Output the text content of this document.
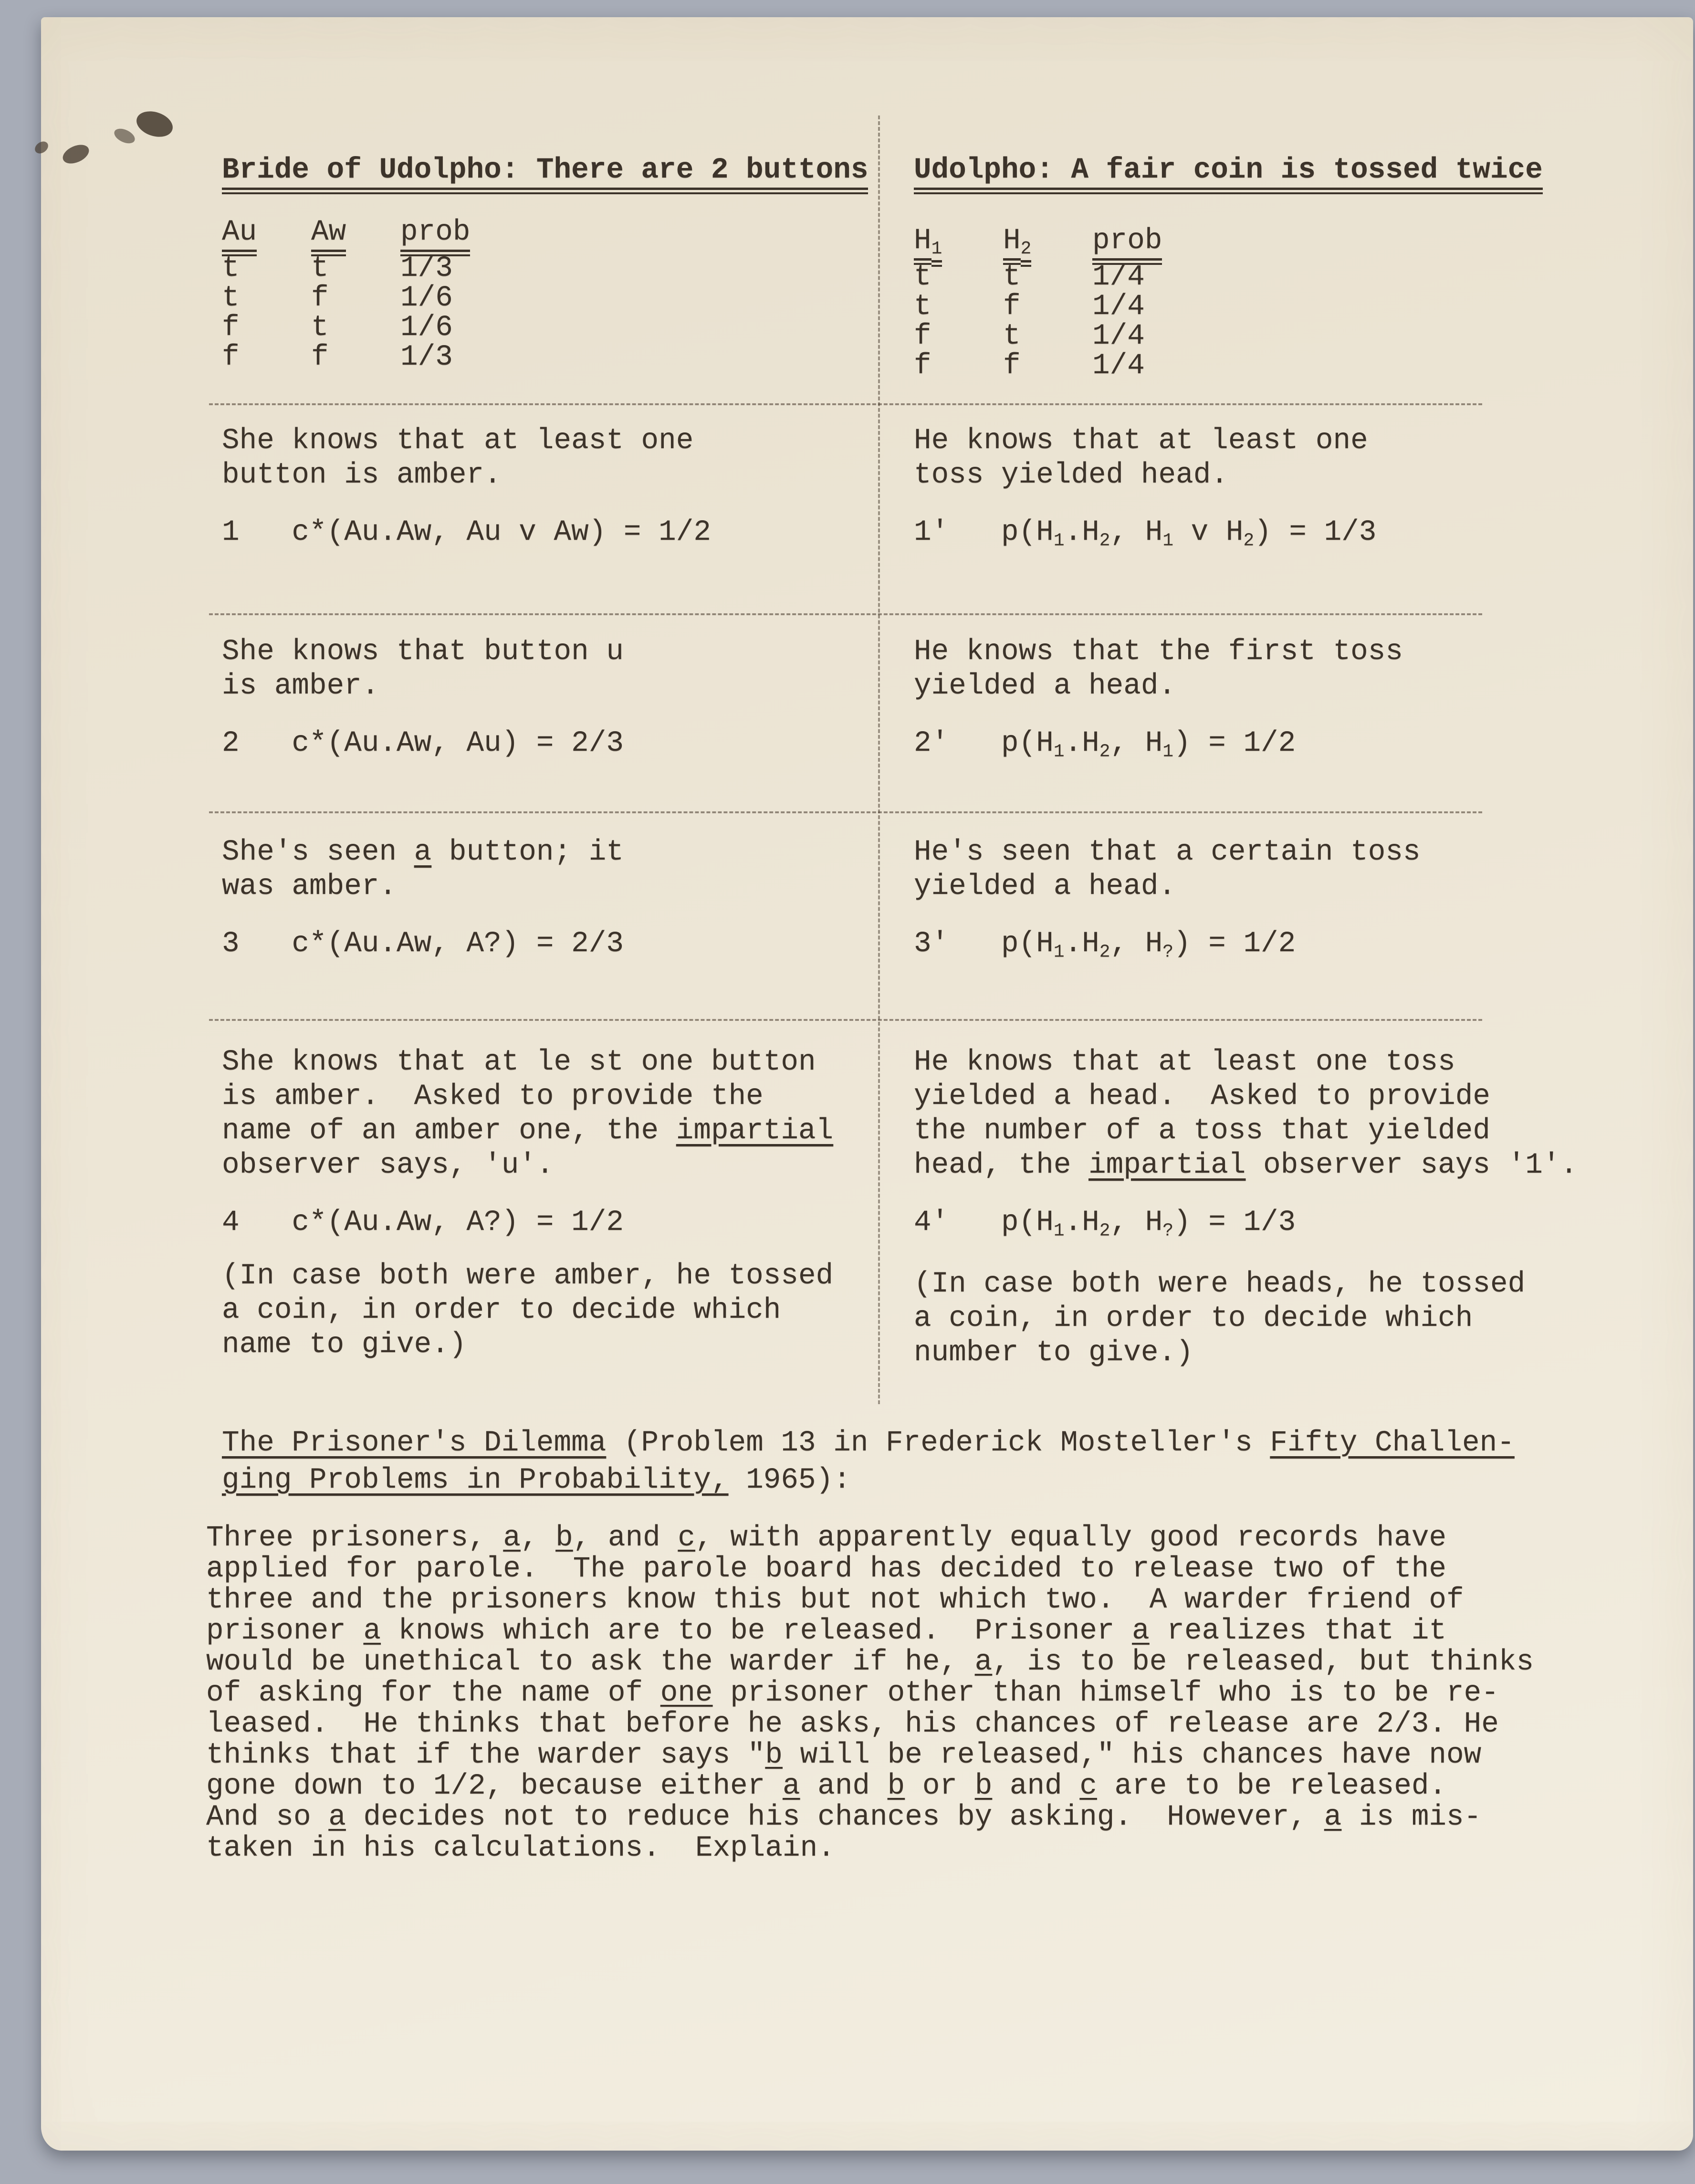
Bride of Udolpho: There are 2 buttons Udolpho: A fair coin is tossed twice
Au Aw prob
t t 1/3
t f 1/6
f t 1/6
f f 1/3
H1 H2 prob
t t 1/4
t f 1/4
f t 1/4
f f 1/4
She knows that at least one
button is amber.
1   c*(Au.Aw, Au v Aw) = 1/2
He knows that at least one
toss yielded head.
1'   $p(H_1.H_2$, $H_1$ v $H_2) = 1/3$
She knows that button u
is amber.
2   c*(Au.Aw, Au) = 2/3
He knows that the first toss
yielded a head.
2'   $p(H_1.H_2$, $H_1) = 1/2$
She's seen a button; it
was amber.
3   c*(Au.Aw, A?) = 2/3
He's seen that a certain toss
yielded a head.
3'   $p(H_1.H_2$, $H_?) = 1/2$
She knows that at le st one button
is amber.  Asked to provide the
name of an amber one, the impartial
observer says, 'u'.
4   c*(Au.Aw, A?) = 1/2
(In case both were amber, he tossed
a coin, in order to decide which
name to give.)
He knows that at least one toss
yielded a head.  Asked to provide
the number of a toss that yielded
head, the impartial observer says '1'.
4'   $p(H_1.H_2$, $H_?) = 1/3$
(In case both were heads, he tossed
a coin, in order to decide which
number to give.)
The Prisoner's Dilemma (Problem 13 in Frederick Mosteller's Fifty Challen-
ging Problems in Probability, 1965):
Three prisoners, a, b, and c, with apparently equally good records have
applied for parole.  The parole board has decided to release two of the
three and the prisoners know this but not which two.  A warder friend of
prisoner a knows which are to be released.  Prisoner a realizes that it
would be unethical to ask the warder if he, a, is to be released, but thinks
of asking for the name of one prisoner other than himself who is to be re-
leased.  He thinks that before he asks, his chances of release are 2/3. He
thinks that if the warder says "b will be released," his chances have now
gone down to 1/2, because either a and b or b and c are to be released.
And so a decides not to reduce his chances by asking.  However, a is mis-
taken in his calculations.  Explain.
